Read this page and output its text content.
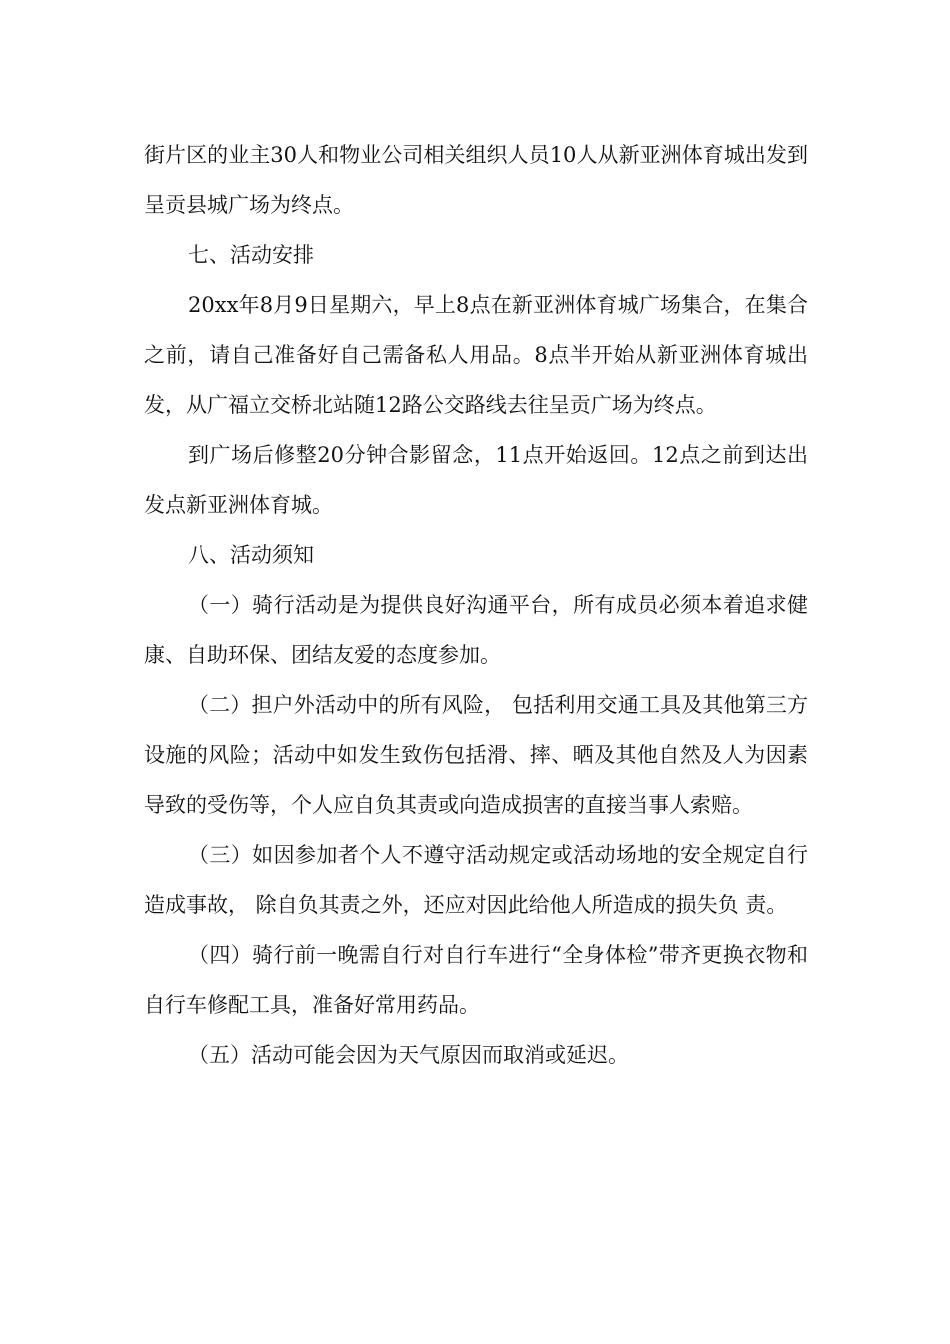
街片区的业主30人和物业公司相关组织人员10人从新亚洲体育城出发到呈贡县城广场为终点。

七、活动安排

20xx年8月9日星期六，早上8点在新亚洲体育城广场集合，在集合之前，请自己准备好自己需备私人用品。8点半开始从新亚洲体育城出发，从广福立交桥北站随12路公交路线去往呈贡广场为终点。

到广场后修整20分钟合影留念，11点开始返回。12点之前到达出发点新亚洲体育城。

八、活动须知

（一）骑行活动是为提供良好沟通平台，所有成员必须本着追求健康、自助环保、团结友爱的态度参加。

（二）担户外活动中的所有风险， 包括利用交通工具及其他第三方设施的风险；活动中如发生致伤包括滑、摔、晒及其他自然及人为因素导致的受伤等，个人应自负其责或向造成损害的直接当事人索赔。

（三）如因参加者个人不遵守活动规定或活动场地的安全规定自行造成事故， 除自负其责之外，还应对因此给他人所造成的损失负 责。

（四）骑行前一晚需自行对自行车进行“全身体检”带齐更换衣物和自行车修配工具，准备好常用药品。

（五）活动可能会因为天气原因而取消或延迟。
